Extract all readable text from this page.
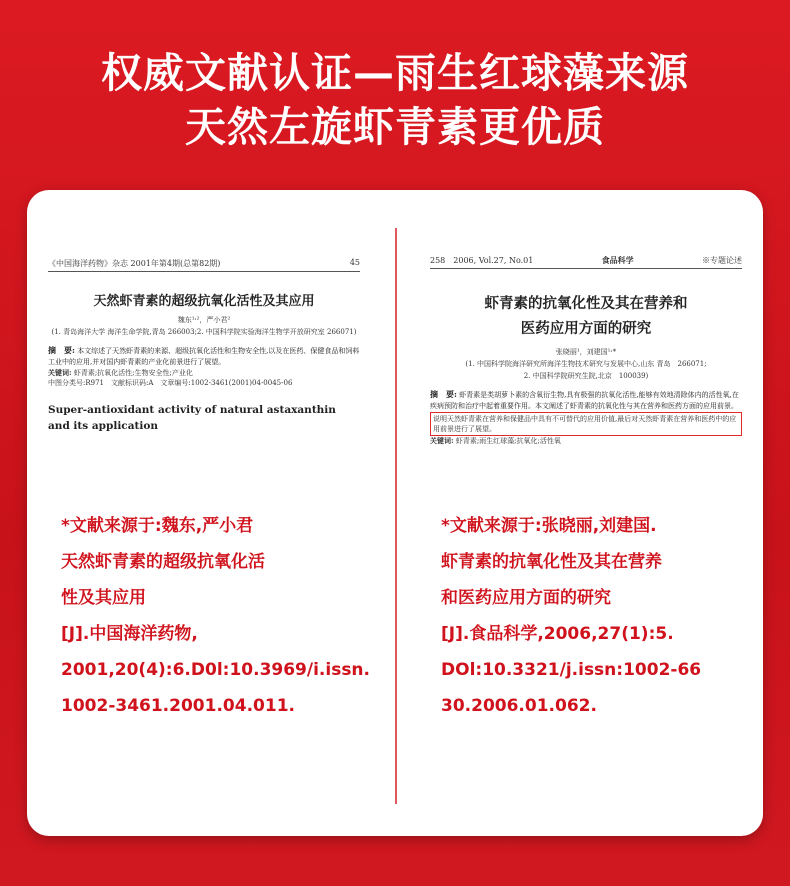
权威文献认证—雨生红球藻来源
天然左旋虾青素更优质
《中国海洋药物》杂志 2001年第4期(总第82期)	45
天然虾青素的超级抗氧化活性及其应用
魏东¹˒²，严小君²
(1. 青岛海洋大学 海洋生命学院,青岛 266003;2. 中国科学院实验海洋生物学开放研究室 266071)
摘　要: 本文综述了天然虾青素的来源、超级抗氧化活性和生物安全性,以及在医药、保健食品和饲料工业中的应用,并对国内虾青素的产业化前景进行了展望。
关键词: 虾青素;抗氧化活性;生物安全性;产业化
中图分类号:R971　文献标识码:A　文章编号:1002-3461(2001)04-0045-06
Super-antioxidant activity of natural astaxanthin and its application
258　2006, Vol.27, No.01	食品科学	※专题论述
虾青素的抗氧化性及其在营养和
医药应用方面的研究
张晓丽¹，刘建国¹˒*
(1. 中国科学院海洋研究所海洋生物技术研究与发展中心,山东 青岛　266071;
2. 中国科学院研究生院,北京　100039)
摘　要: 虾青素是类胡萝卜素的含氧衍生物,具有极强的抗氧化活性,能够有效地清除体内的活性氧,在疾病预防和治疗中起着重要作用。本文阐述了虾青素的抗氧化性与其在营养和医药方面的应用前景。
说明天然虾青素在营养和保健品中具有不可替代的应用价值,最后对天然虾青素在营养和医药中的应用前景进行了展望。
关键词: 虾青素;雨生红球藻;抗氧化;活性氧
*文献来源于:魏东,严小君
天然虾青素的超级抗氧化活
性及其应用
[J].中国海洋药物,
2001,20(4):6.D0l:10.3969/i.issn.
1002-3461.2001.04.011.
*文献来源于:张晓丽,刘建国.
虾青素的抗氧化性及其在营养
和医药应用方面的研究
[J].食品科学,2006,27(1):5.
DOl:10.3321/j.issn:1002-66
30.2006.01.062.
